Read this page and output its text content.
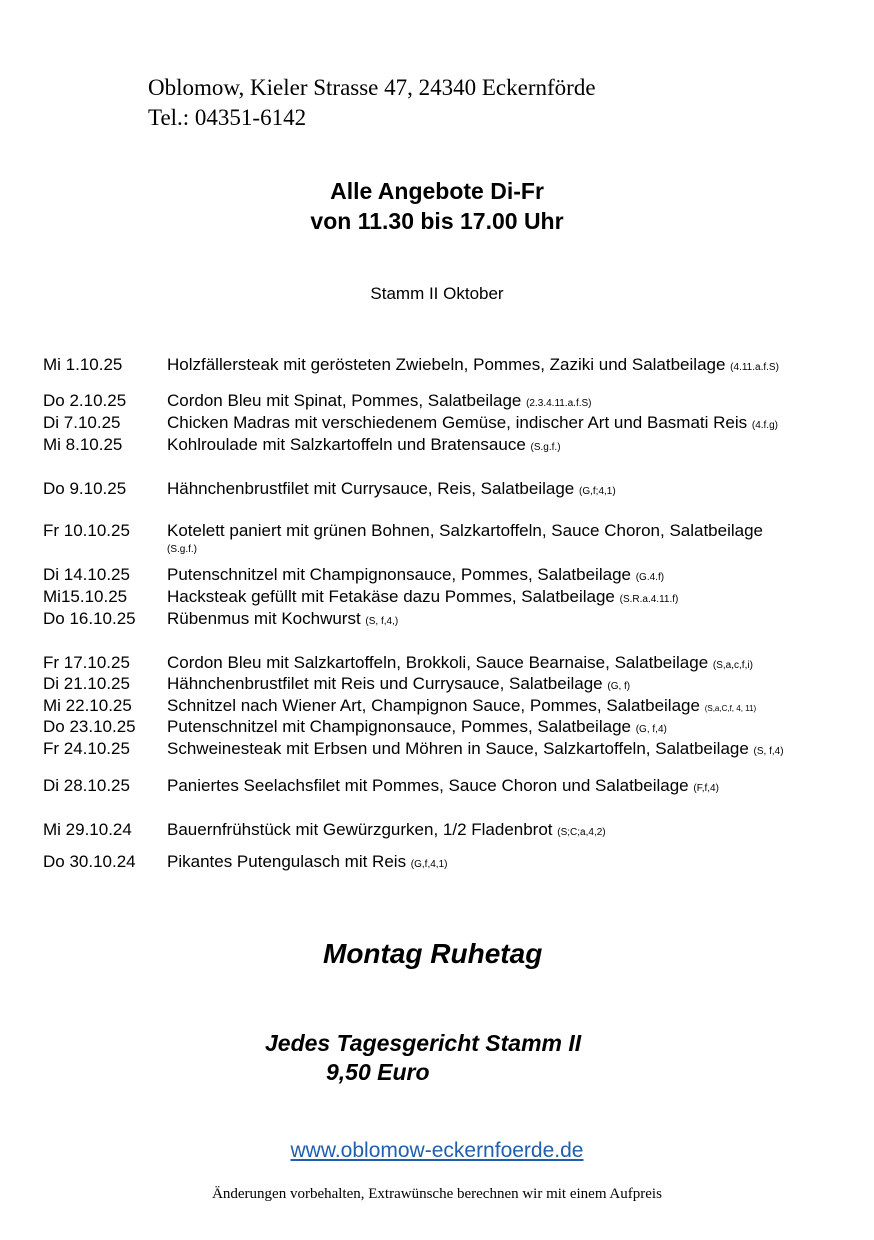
Oblomow, Kieler Strasse 47, 24340 Eckernförde
Tel.: 04351-6142
Alle Angebote Di-Fr
von 11.30 bis 17.00 Uhr
Stamm II Oktober
Mi 1.10.25	Holzfällersteak mit gerösteten Zwiebeln, Pommes, Zaziki und Salatbeilage (4.11.a.f.S)
Do 2.10.25 Cordon Bleu mit Spinat, Pommes, Salatbeilage (2.3.4.11.a.f.S)
Di 7.10.25	Chicken Madras mit verschiedenem Gemüse, indischer Art und Basmati Reis (4.f.g)
Mi 8.10.25	Kohlroulade mit Salzkartoffeln und Bratensauce (S.g.f.)
Do 9.10.25 Hähnchenbrustfilet mit Currysauce, Reis, Salatbeilage (G,f;4,1)
Fr 10.10.25 Kotelett paniert mit grünen Bohnen, Salzkartoffeln, Sauce Choron, Salatbeilage
(S.g.f.)
Di 14.10.25 Putenschnitzel mit Champignonsauce, Pommes, Salatbeilage (G.4.f)
Mi15.10.25 Hacksteak gefüllt mit Fetakäse dazu Pommes, Salatbeilage (S.R.a.4.11.f)
Do 16.10.25 Rübenmus mit Kochwurst (S, f,4,)
Fr 17.10.25 Cordon Bleu mit Salzkartoffeln, Brokkoli, Sauce Bearnaise, Salatbeilage (S,a,c,f,i)
Di 21.10.25 Hähnchenbrustfilet mit Reis und Currysauce, Salatbeilage (G, f)
Mi 22.10.25 Schnitzel nach Wiener Art, Champignon Sauce, Pommes, Salatbeilage (S,a,C,f, 4, 11)
Do 23.10.25 Putenschnitzel mit Champignonsauce, Pommes, Salatbeilage (G, f,4)
Fr 24.10.25 Schweinesteak mit Erbsen und Möhren in Sauce, Salzkartoffeln, Salatbeilage (S, f,4)
Di 28.10.25 Paniertes Seelachsfilet mit Pommes, Sauce Choron und Salatbeilage (F,f,4)
Mi 29.10.24 Bauernfrühstück mit Gewürzgurken, 1/2 Fladenbrot (S;C;a,4,2)
Do 30.10.24 Pikantes Putengulasch mit Reis (G,f,4,1)
Montag Ruhetag
Jedes Tagesgericht Stamm II
9,50 Euro
www.oblomow-eckernfoerde.de
Änderungen vorbehalten, Extrawünsche berechnen wir mit einem Aufpreis
